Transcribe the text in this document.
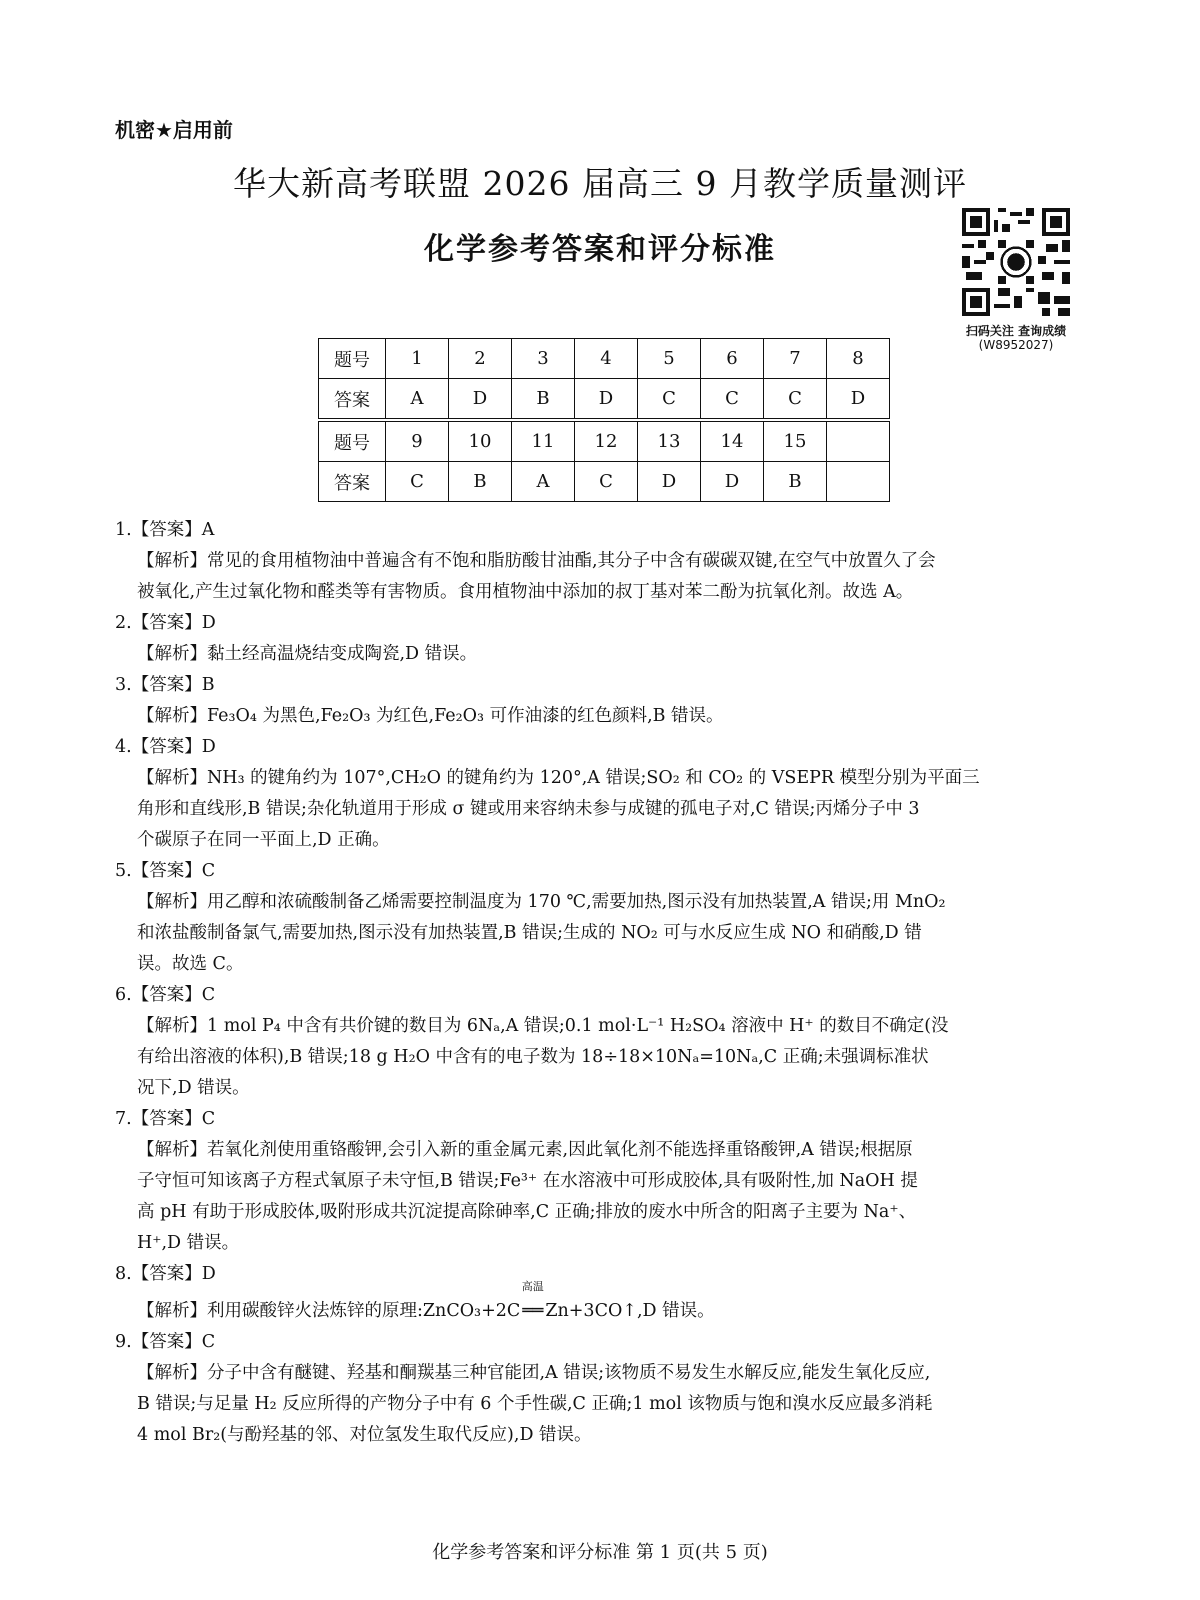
机密★启用前
华大新高考联盟 2026 届高三 9 月教学质量测评
化学参考答案和评分标准
扫码关注 查询成绩
(W8952027)
题号	1	2	3	4	5	6	7	8
答案	A	D	B	D	C	C	C	D
题号	9	10	11	12	13	14	15	
答案	C	B	A	C	D	D	B	
1.【答案】A
【解析】常见的食用植物油中普遍含有不饱和脂肪酸甘油酯,其分子中含有碳碳双键,在空气中放置久了会
被氧化,产生过氧化物和醛类等有害物质。食用植物油中添加的叔丁基对苯二酚为抗氧化剂。故选 A。
2.【答案】D
【解析】黏土经高温烧结变成陶瓷,D 错误。
3.【答案】B
【解析】Fe₃O₄ 为黑色,Fe₂O₃ 为红色,Fe₂O₃ 可作油漆的红色颜料,B 错误。
4.【答案】D
【解析】NH₃ 的键角约为 107°,CH₂O 的键角约为 120°,A 错误;SO₂ 和 CO₂ 的 VSEPR 模型分别为平面三
角形和直线形,B 错误;杂化轨道用于形成 σ 键或用来容纳未参与成键的孤电子对,C 错误;丙烯分子中 3
个碳原子在同一平面上,D 正确。
5.【答案】C
【解析】用乙醇和浓硫酸制备乙烯需要控制温度为 170 ℃,需要加热,图示没有加热装置,A 错误;用 MnO₂
和浓盐酸制备氯气,需要加热,图示没有加热装置,B 错误;生成的 NO₂ 可与水反应生成 NO 和硝酸,D 错
误。故选 C。
6.【答案】C
【解析】1 mol P₄ 中含有共价键的数目为 6Nₐ,A 错误;0.1 mol·L⁻¹ H₂SO₄ 溶液中 H⁺ 的数目不确定(没
有给出溶液的体积),B 错误;18 g H₂O 中含有的电子数为 18÷18×10Nₐ=10Nₐ,C 正确;未强调标准状
况下,D 错误。
7.【答案】C
【解析】若氧化剂使用重铬酸钾,会引入新的重金属元素,因此氧化剂不能选择重铬酸钾,A 错误;根据原
子守恒可知该离子方程式氧原子未守恒,B 错误;Fe³⁺ 在水溶液中可形成胶体,具有吸附性,加 NaOH 提
高 pH 有助于形成胶体,吸附形成共沉淀提高除砷率,C 正确;排放的废水中所含的阳离子主要为 Na⁺、
H⁺,D 错误。
8.【答案】D
【解析】利用碳酸锌火法炼锌的原理:ZnCO₃+2C
高温
══ Zn+3CO↑,D 错误。
9.【答案】C
【解析】分子中含有醚键、羟基和酮羰基三种官能团,A 错误;该物质不易发生水解反应,能发生氧化反应,
B 错误;与足量 H₂ 反应所得的产物分子中有 6 个手性碳,C 正确;1 mol 该物质与饱和溴水反应最多消耗
4 mol Br₂(与酚羟基的邻、对位氢发生取代反应),D 错误。
化学参考答案和评分标准 第 1 页(共 5 页)
